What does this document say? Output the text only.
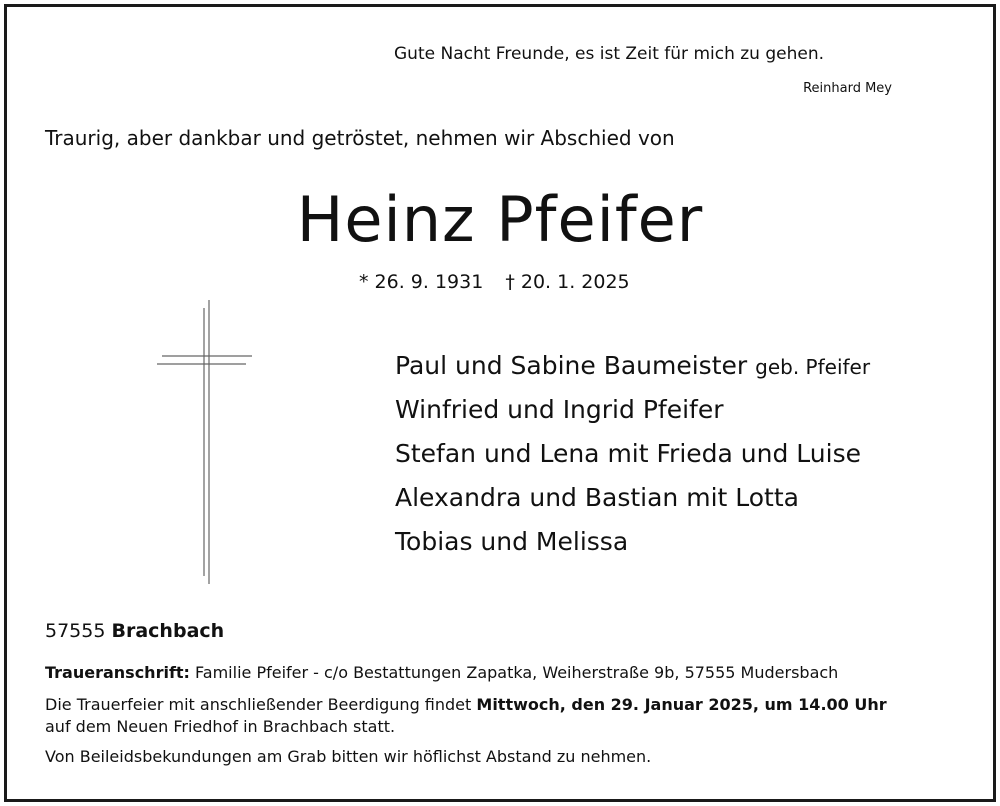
Gute Nacht Freunde, es ist Zeit für mich zu gehen.
Reinhard Mey
Traurig, aber dankbar und getröstet, nehmen wir Abschied von
Heinz Pfeifer
* 26. 9. 1931 † 20. 1. 2025
Paul und Sabine Baumeister geb. Pfeifer
Winfried und Ingrid Pfeifer
Stefan und Lena mit Frieda und Luise
Alexandra und Bastian mit Lotta
Tobias und Melissa
57555 Brachbach

Traueranschrift: Familie Pfeifer - c/o Bestattungen Zapatka, Weiherstraße 9b, 57555 Mudersbach

Die Trauerfeier mit anschließender Beerdigung findet Mittwoch, den 29. Januar 2025, um 14.00 Uhr

auf dem Neuen Friedhof in Brachbach statt.

Von Beileidsbekundungen am Grab bitten wir höflichst Abstand zu nehmen.
